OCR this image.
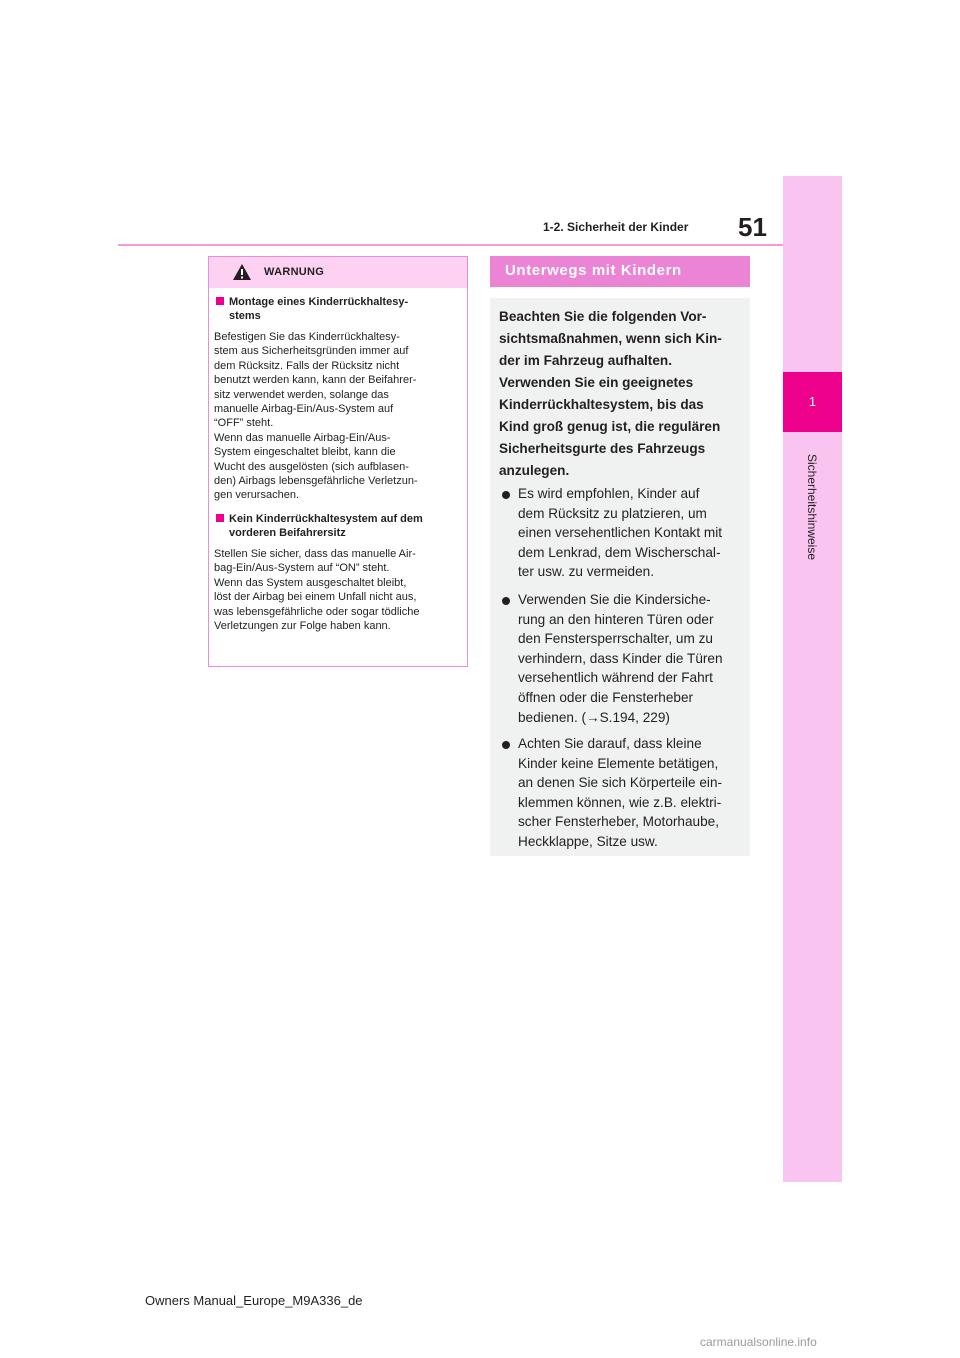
1
Sicherheitshinweise
1-2. Sicherheit der Kinder 51
WARNUNG
Montage eines Kinderrückhaltesy-
stems
Befestigen Sie das Kinderrückhaltesy-
stem aus Sicherheitsgründen immer auf
dem Rücksitz. Falls der Rücksitz nicht
benutzt werden kann, kann der Beifahrer-
sitz verwendet werden, solange das
manuelle Airbag-Ein/Aus-System auf
“OFF” steht.
Wenn das manuelle Airbag-Ein/Aus-
System eingeschaltet bleibt, kann die
Wucht des ausgelösten (sich aufblasen-
den) Airbags lebensgefährliche Verletzun-
gen verursachen.
Kein Kinderrückhaltesystem auf dem
vorderen Beifahrersitz
Stellen Sie sicher, dass das manuelle Air-
bag-Ein/Aus-System auf “ON” steht.
Wenn das System ausgeschaltet bleibt,
löst der Airbag bei einem Unfall nicht aus,
was lebensgefährliche oder sogar tödliche
Verletzungen zur Folge haben kann.
Unterwegs mit Kindern
Beachten Sie die folgenden Vor-
sichtsmaßnahmen, wenn sich Kin-
der im Fahrzeug aufhalten.
Verwenden Sie ein geeignetes
Kinderrückhaltesystem, bis das
Kind groß genug ist, die regulären
Sicherheitsgurte des Fahrzeugs
anzulegen.
Es wird empfohlen, Kinder auf
dem Rücksitz zu platzieren, um
einen versehentlichen Kontakt mit
dem Lenkrad, dem Wischerschal-
ter usw. zu vermeiden.
Verwenden Sie die Kindersiche-
rung an den hinteren Türen oder
den Fenstersperrschalter, um zu
verhindern, dass Kinder die Türen
versehentlich während der Fahrt
öffnen oder die Fensterheber
bedienen. (→S.194, 229)
Achten Sie darauf, dass kleine
Kinder keine Elemente betätigen,
an denen Sie sich Körperteile ein-
klemmen können, wie z.B. elektri-
scher Fensterheber, Motorhaube,
Heckklappe, Sitze usw.
Owners Manual_Europe_M9A336_de
carmanualsonline.info
